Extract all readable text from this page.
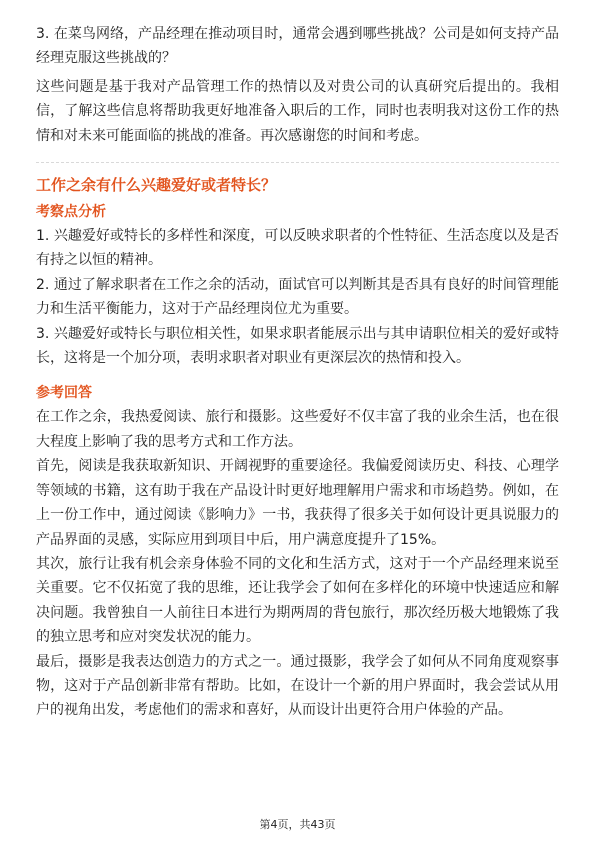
3. 在菜鸟网络，产品经理在推动项目时，通常会遇到哪些挑战？公司是如何支持产品经理克服这些挑战的？

这些问题是基于我对产品管理工作的热情以及对贵公司的认真研究后提出的。我相信，了解这些信息将帮助我更好地准备入职后的工作，同时也表明我对这份工作的热情和对未来可能面临的挑战的准备。再次感谢您的时间和考虑。

工作之余有什么兴趣爱好或者特长？
考察点分析

1. 兴趣爱好或特长的多样性和深度，可以反映求职者的个性特征、生活态度以及是否有持之以恒的精神。

2. 通过了解求职者在工作之余的活动，面试官可以判断其是否具有良好的时间管理能力和生活平衡能力，这对于产品经理岗位尤为重要。

3. 兴趣爱好或特长与职位相关性，如果求职者能展示出与其申请职位相关的爱好或特长，这将是一个加分项，表明求职者对职业有更深层次的热情和投入。

参考回答

在工作之余，我热爱阅读、旅行和摄影。这些爱好不仅丰富了我的业余生活，也在很大程度上影响了我的思考方式和工作方法。

首先，阅读是我获取新知识、开阔视野的重要途径。我偏爱阅读历史、科技、心理学等领域的书籍，这有助于我在产品设计时更好地理解用户需求和市场趋势。例如，在上一份工作中，通过阅读《影响力》一书，我获得了很多关于如何设计更具说服力的产品界面的灵感，实际应用到项目中后，用户满意度提升了15%。

其次，旅行让我有机会亲身体验不同的文化和生活方式，这对于一个产品经理来说至关重要。它不仅拓宽了我的思维，还让我学会了如何在多样化的环境中快速适应和解决问题。我曾独自一人前往日本进行为期两周的背包旅行，那次经历极大地锻炼了我的独立思考和应对突发状况的能力。

最后，摄影是我表达创造力的方式之一。通过摄影，我学会了如何从不同角度观察事物，这对于产品创新非常有帮助。比如，在设计一个新的用户界面时，我会尝试从用户的视角出发，考虑他们的需求和喜好，从而设计出更符合用户体验的产品。

第4页，共43页
